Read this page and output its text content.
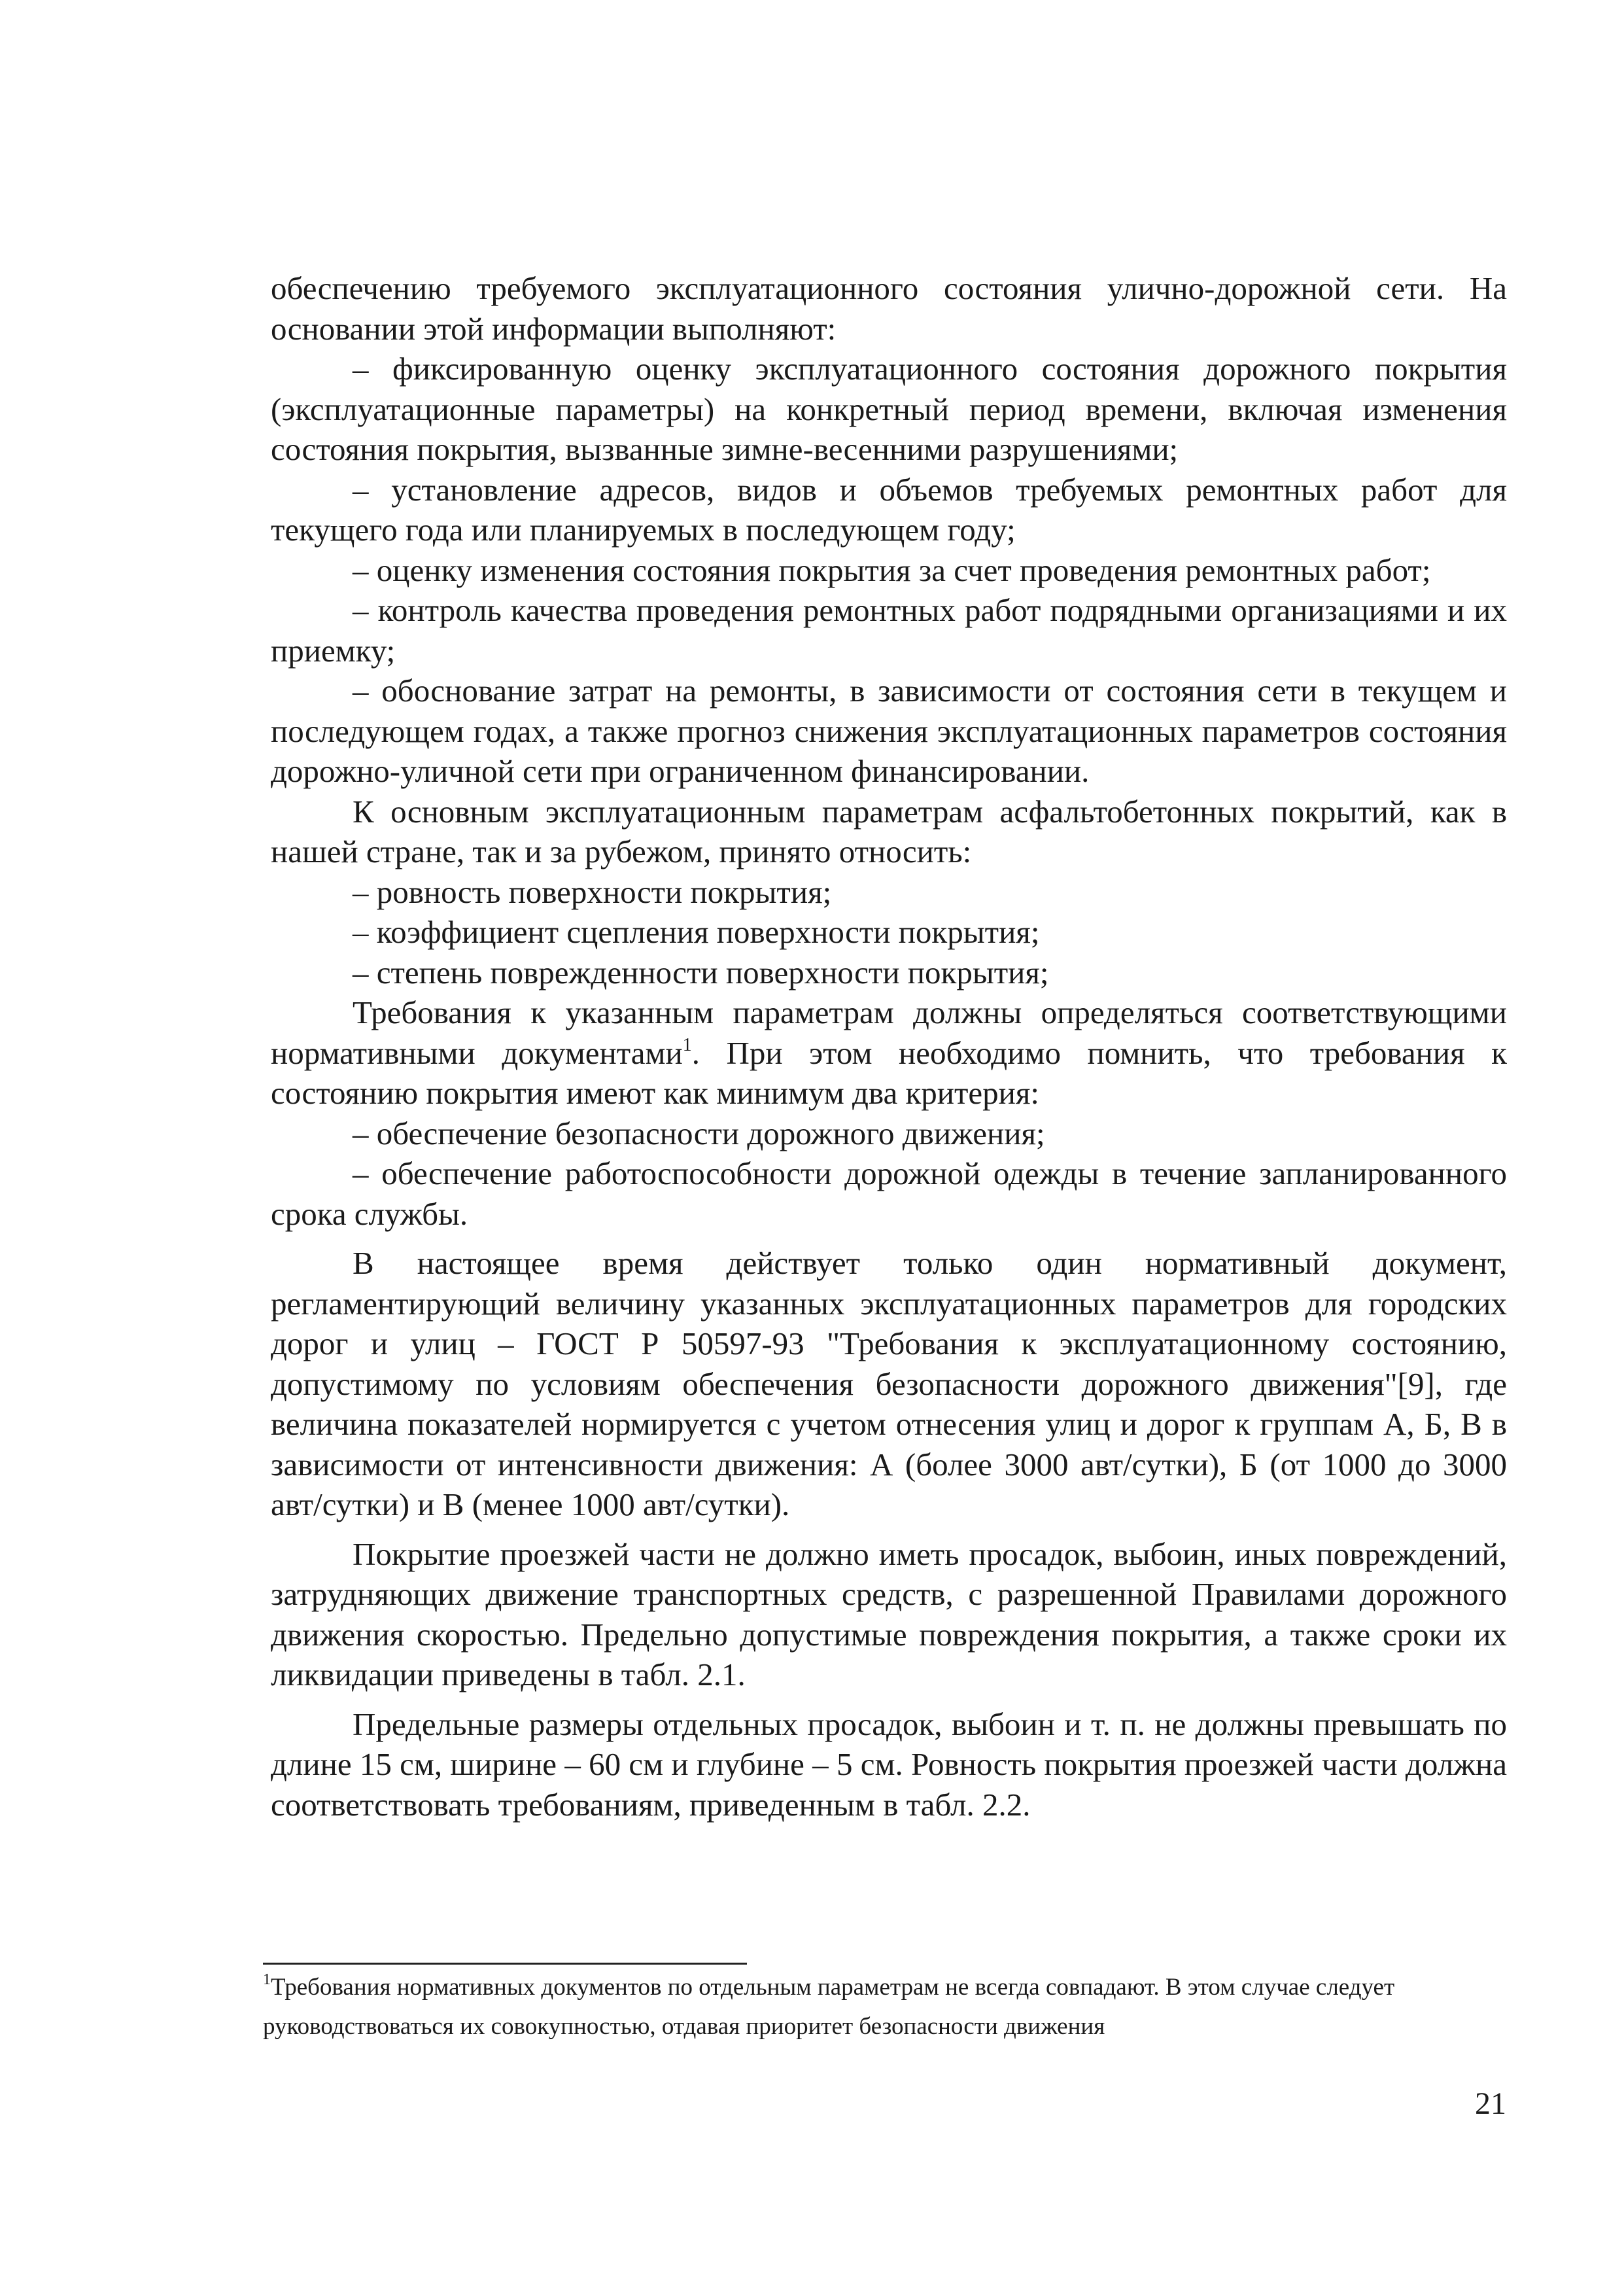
обеспечению требуемого эксплуатационного состояния улично-дорожной сети. На основании этой информации выполняют:

– фиксированную оценку эксплуатационного состояния дорожного покрытия (эксплуатационные параметры) на конкретный период времени, включая изменения состояния покрытия, вызванные зимне-весенними разрушениями;

– установление адресов, видов и объемов требуемых ремонтных работ для текущего года или планируемых в последующем году;

– оценку изменения состояния покрытия за счет проведения ремонтных работ;

– контроль качества проведения ремонтных работ подрядными организациями и их приемку;

– обоснование затрат на ремонты, в зависимости от состояния сети в текущем и последующем годах, а также прогноз снижения эксплуатационных параметров состояния дорожно-уличной сети при ограниченном финансировании.

К основным эксплуатационным параметрам асфальтобетонных покрытий, как в нашей стране, так и за рубежом, принято относить:

– ровность поверхности покрытия;

– коэффициент сцепления поверхности покрытия;

– степень поврежденности поверхности покрытия;

Требования к указанным параметрам должны определяться соответствующими нормативными документами$^1$. При этом необходимо помнить, что требования к состоянию покрытия имеют как минимум два критерия:

– обеспечение безопасности дорожного движения;

– обеспечение работоспособности дорожной одежды в течение запланированного срока службы.

В настоящее время действует только один нормативный документ, регламентирующий величину указанных эксплуатационных параметров для городских дорог и улиц – ГОСТ Р 50597-93 "Требования к эксплуатационному состоянию, допустимому по условиям обеспечения безопасности дорожного движения"[9], где величина показателей нормируется с учетом отнесения улиц и дорог к группам А, Б, В в зависимости от интенсивности движения: А (более 3000 авт/сутки), Б (от 1000 до 3000 авт/сутки) и В (менее 1000 авт/сутки).

Покрытие проезжей части не должно иметь просадок, выбоин, иных повреждений, затрудняющих движение транспортных средств, с разрешенной Правилами дорожного движения скоростью. Предельно допустимые повреждения покрытия, а также сроки их ликвидации приведены в табл. 2.1.

Предельные размеры отдельных просадок, выбоин и т. п. не должны превышать по длине 15 см, ширине – 60 см и глубине – 5 см. Ровность покрытия проезжей части должна соответствовать требованиям, приведенным в табл. 2.2.

$^1$Требования нормативных документов по отдельным параметрам не всегда совпадают. В этом случае следует руководствоваться их совокупностью, отдавая приоритет безопасности движения

21
